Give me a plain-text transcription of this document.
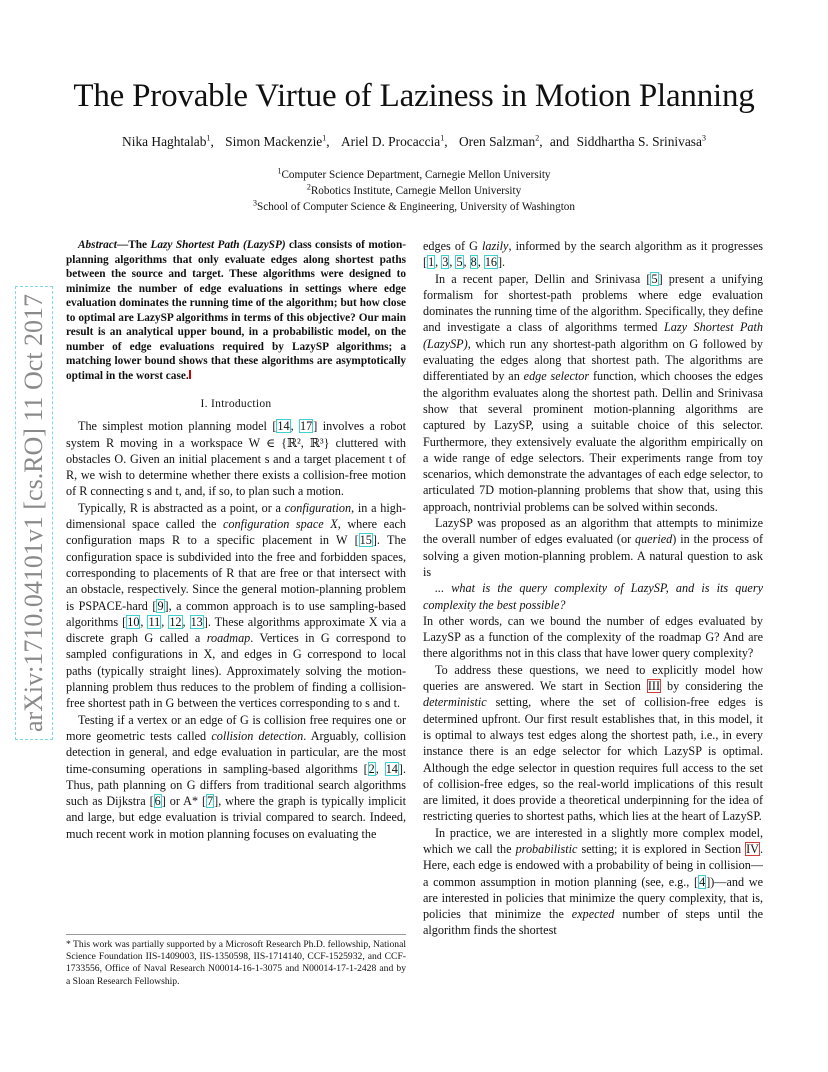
The Provable Virtue of Laziness in Motion Planning
Nika Haghtalab$^1$, Simon Mackenzie$^1$, Ariel D. Procaccia$^1$, Oren Salzman$^2$, and Siddhartha S. Srinivasa$^3$
$^1$Computer Science Department, Carnegie Mellon University
$^2$Robotics Institute, Carnegie Mellon University
$^3$School of Computer Science & Engineering, University of Washington
arXiv:1710.04101v1 [cs.RO] 11 Oct 2017
Abstract—The Lazy Shortest Path (LazySP) class consists of motion-planning algorithms that only evaluate edges along shortest paths between the source and target. These algorithms were designed to minimize the number of edge evaluations in settings where edge evaluation dominates the running time of the algorithm; but how close to optimal are LazySP algorithms in terms of this objective? Our main result is an analytical upper bound, in a probabilistic model, on the number of edge evaluations required by LazySP algorithms; a matching lower bound shows that these algorithms are asymptotically optimal in the worst case.
I. Introduction

The simplest motion planning model [14, 17] involves a robot system R moving in a workspace W ∈ {ℝ², ℝ³} cluttered with obstacles O. Given an initial placement s and a target placement t of R, we wish to determine whether there exists a collision-free motion of R connecting s and t, and, if so, to plan such a motion.

Typically, R is abstracted as a point, or a configuration, in a high-dimensional space called the configuration space X, where each configuration maps R to a specific placement in W [15]. The configuration space is subdivided into the free and forbidden spaces, corresponding to placements of R that are free or that intersect with an obstacle, respectively. Since the general motion-planning problem is PSPACE-hard [9], a common approach is to use sampling-based algorithms [10, 11, 12, 13]. These algorithms approximate X via a discrete graph G called a roadmap. Vertices in G correspond to sampled configurations in X, and edges in G correspond to local paths (typically straight lines). Approximately solving the motion-planning problem thus reduces to the problem of finding a collision-free shortest path in G between the vertices corresponding to s and t.

Testing if a vertex or an edge of G is collision free requires one or more geometric tests called collision detection. Arguably, collision detection in general, and edge evaluation in particular, are the most time-consuming operations in sampling-based algorithms [2, 14]. Thus, path planning on G differs from traditional search algorithms such as Dijkstra [6] or A* [7], where the graph is typically implicit and large, but edge evaluation is trivial compared to search. Indeed, much recent work in motion planning focuses on evaluating the

* This work was partially supported by a Microsoft Research Ph.D. fellowship, National Science Foundation IIS-1409003, IIS-1350598, IIS-1714140, CCF-1525932, and CCF-1733556, Office of Naval Research N00014-16-1-3075 and N00014-17-1-2428 and by a Sloan Research Fellowship.

edges of G lazily, informed by the search algorithm as it progresses [1, 3, 5, 8, 16].

In a recent paper, Dellin and Srinivasa [5] present a unifying formalism for shortest-path problems where edge evaluation dominates the running time of the algorithm. Specifically, they define and investigate a class of algorithms termed Lazy Shortest Path (LazySP), which run any shortest-path algorithm on G followed by evaluating the edges along that shortest path. The algorithms are differentiated by an edge selector function, which chooses the edges the algorithm evaluates along the shortest path. Dellin and Srinivasa show that several prominent motion-planning algorithms are captured by LazySP, using a suitable choice of this selector. Furthermore, they extensively evaluate the algorithm empirically on a wide range of edge selectors. Their experiments range from toy scenarios, which demonstrate the advantages of each edge selector, to articulated 7D motion-planning problems that show that, using this approach, nontrivial problems can be solved within seconds.

LazySP was proposed as an algorithm that attempts to minimize the overall number of edges evaluated (or queried) in the process of solving a given motion-planning problem. A natural question to ask is

... what is the query complexity of LazySP, and is its query complexity the best possible?

In other words, can we bound the number of edges evaluated by LazySP as a function of the complexity of the roadmap G? And are there algorithms not in this class that have lower query complexity?

To address these questions, we need to explicitly model how queries are answered. We start in Section III by considering the deterministic setting, where the set of collision-free edges is determined upfront. Our first result establishes that, in this model, it is optimal to always test edges along the shortest path, i.e., in every instance there is an edge selector for which LazySP is optimal. Although the edge selector in question requires full access to the set of collision-free edges, so the real-world implications of this result are limited, it does provide a theoretical underpinning for the idea of restricting queries to shortest paths, which lies at the heart of LazySP.

In practice, we are interested in a slightly more complex model, which we call the probabilistic setting; it is explored in Section IV. Here, each edge is endowed with a probability of being in collision—a common assumption in motion planning (see, e.g., [4])—and we are interested in policies that minimize the query complexity, that is, policies that minimize the expected number of steps until the algorithm finds the shortest
